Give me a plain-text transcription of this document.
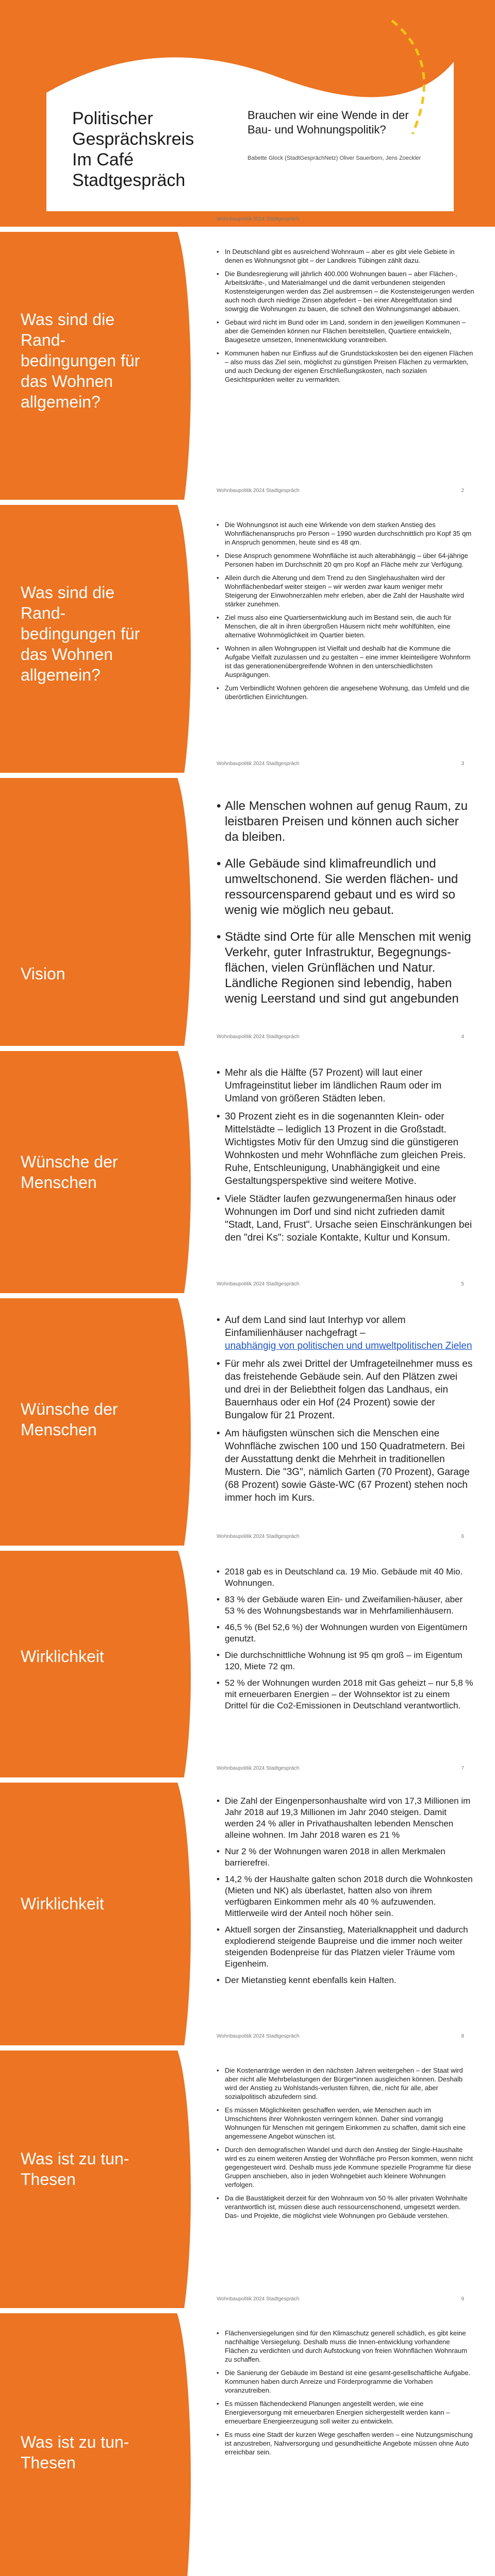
Politischer Gesprächskreis Im Café Stadtgespräch
Brauchen wir eine Wende in der Bau- und Wohnungspolitik?
Babette Glock (StadtGesprächNetz) Oliver Sauerborn, Jens Zoeckler
Wohnbaupolitik 2024 Stadtgespräch
Was sind die Rand-bedingungen für das Wohnen allgemein?
• In Deutschland gibt es ausreichend Wohnraum – aber es gibt viele Gebiete in denen es Wohnungsnot gibt – der Landkreis Tübingen zählt dazu.
• Die Bundesregierung will jährlich 400.000 Wohnungen bauen – aber Flächen-, Arbeitskräfte-, und Materialmangel und die damit verbundenen steigenden Kostensteigerungen werden das Ziel ausbremsen – die Kostensteigerungen werden auch noch durch niedrige Zinsen abgefedert – bei einer Abregeltfutation sind sowrgig die Wohnungen zu bauen, die schnell den Wohnungsmangel abbauen.
• Gebaut wird nicht im Bund oder im Land, sondern in den jeweiligen Kommunen – aber die Gemeinden können nur Flächen bereitstellen, Quartiere entwickeln, Baugesetze umsetzen, Innenentwicklung vorantreiben.
• Kommunen haben nur Einfluss auf die Grundstückskosten bei den eigenen Flächen – also muss das Ziel sein, möglichst zu günstigen Preisen Flächen zu vermarkten, und auch Deckung der eigenen Erschließungskosten, nach sozialen Gesichtspunkten weiter zu vermarkten.
Wohnbaupolitik 2024 Stadtgespräch	2
Was sind die Rand-bedingungen für das Wohnen allgemein?
• Die Wohnungsnot ist auch eine Wirkende von dem starken Anstieg des Wohnflächenanspruchs pro Person – 1990 wurden durchschnittlich pro Kopf 35 qm in Anspruch genommen, heute sind es 48 qm.
• Diese Anspruch genommene Wohnfläche ist auch alterabhängig – über 64-jährige Personen haben im Durchschnitt 20 qm pro Kopf an Fläche mehr zur Verfügung.
• Allein durch die Alterung und dem Trend zu den Singlehaushalten wird der Wohnflächenbedarf weiter steigen – wir werden zwar kaum weniger mehr Steigerung der Einwohnerzahlen mehr erleben, aber die Zahl der Haushalte wird stärker zunehmen.
• Ziel muss also eine Quartiersentwicklung auch im Bestand sein, die auch für Menschen, die alt in ihren übergroßen Häusern nicht mehr wohlfühlten, eine alternative Wohnmöglichkeit im Quartier bieten.
• Wohnen in allen Wohngruppen ist Vielfalt und deshalb hat die Kommune die Aufgabe Vielfalt zuzulassen und zu gestalten – eine immer kleinteiligere Wohnform ist das generationenübergreifende Wohnen in den unterschiedlichsten Ausprägungen.
• Zum Verbindlicht Wohnen gehören die angesehene Wohnung, das Umfeld und die überörtlichen Einrichtungen.
Wohnbaupolitik 2024 Stadtgespräch	3
Vision
• Alle Menschen wohnen auf genug Raum, zu leistbaren Preisen und können auch sicher da bleiben.
• Alle Gebäude sind klimafreundlich und umweltschonend. Sie werden flächen- und ressourcensparend gebaut und es wird so wenig wie möglich neu gebaut.
• Städte sind Orte für alle Menschen mit wenig Verkehr, guter Infrastruktur, Begegnungs-flächen, vielen Grünflächen und Natur. Ländliche Regionen sind lebendig, haben wenig Leerstand und sind gut angebunden
Wohnbaupolitik 2024 Stadtgespräch	4
Wünsche der Menschen
• Mehr als die Hälfte (57 Prozent) will laut einer Umfrageinstitut lieber im ländlichen Raum oder im Umland von größeren Städten leben.
• 30 Prozent zieht es in die sogenannten Klein- oder Mittelstädte – lediglich 13 Prozent in die Großstadt. Wichtigstes Motiv für den Umzug sind die günstigeren Wohnkosten und mehr Wohnfläche zum gleichen Preis. Ruhe, Entschleunigung, Unabhängigkeit und eine Gestaltungsperspektive sind weitere Motive.
• Viele Städter laufen gezwungenermaßen hinaus oder Wohnungen im Dorf und sind nicht zufrieden damit "Stadt, Land, Frust". Ursache seien Einschränkungen bei den "drei Ks": soziale Kontakte, Kultur und Konsum.
Wohnbaupolitik 2024 Stadtgespräch	5
Wünsche der Menschen
• Auf dem Land sind laut Interhyp vor allem Einfamilienhäuser nachgefragt –
unabhängig von politischen und umweltpolitischen Zielen
• Für mehr als zwei Drittel der Umfrageteilnehmer muss es das freistehende Gebäude sein. Auf den Plätzen zwei und drei in der Beliebtheit folgen das Landhaus, ein Bauernhaus oder ein Hof (24 Prozent) sowie der Bungalow für 21 Prozent.
• Am häufigsten wünschen sich die Menschen eine Wohnfläche zwischen 100 und 150 Quadratmetern. Bei der Ausstattung denkt die Mehrheit in traditionellen Mustern. Die "3G", nämlich Garten (70 Prozent), Garage (68 Prozent) sowie Gäste-WC (67 Prozent) stehen noch immer hoch im Kurs.
Wohnbaupolitik 2024 Stadtgespräch	6
Wirklichkeit
• 2018 gab es in Deutschland ca. 19 Mio. Gebäude mit 40 Mio. Wohnungen.
• 83 % der Gebäude waren Ein- und Zweifamilien-häuser, aber 53 % des Wohnungsbestands war in Mehrfamilienhäusern.
• 46,5 % (Bel 52,6 %) der Wohnungen wurden von Eigentümern genutzt.
• Die durchschnittliche Wohnung ist 95 qm groß – im Eigentum 120, Miete 72 qm.
• 52 % der Wohnungen wurden 2018 mit Gas geheizt – nur 5,8 % mit erneuerbaren Energien – der Wohnsektor ist zu einem Drittel für die Co2-Emissionen in Deutschland verantwortlich.
Wohnbaupolitik 2024 Stadtgespräch	7
Wirklichkeit
• Die Zahl der Eingenpersonhaushalte wird von 17,3 Millionen im Jahr 2018 auf 19,3 Millionen im Jahr 2040 steigen. Damit werden 24 % aller in Privathaushalten lebenden Menschen alleine wohnen. Im Jahr 2018 waren es 21 %
• Nur 2 % der Wohnungen waren 2018 in allen Merkmalen barrierefrei.
• 14,2 % der Haushalte galten schon 2018 durch die Wohnkosten (Mieten und NK) als überlastet, hatten also von ihrem verfügbaren Einkommen mehr als 40 % aufzuwenden. Mittlerweile wird der Anteil noch höher sein.
• Aktuell sorgen der Zinsanstieg, Materialknappheit und dadurch explodierend steigende Baupreise und die immer noch weiter steigenden Bodenpreise für das Platzen vieler Träume vom Eigenheim.
• Der Mietanstieg kennt ebenfalls kein Halten.
Wohnbaupolitik 2024 Stadtgespräch	8
Was ist zu tun- Thesen
• Die Kostenanträge werden in den nächsten Jahren weitergehen – der Staat wird aber nicht alle Mehrbelastungen der Bürger*innen ausgleichen können. Deshalb wird der Anstieg zu Wohlstands-verlusten führen, die, nicht für alle, aber sozialpolitisch abzufedern sind.
• Es müssen Möglichkeiten geschaffen werden, wie Menschen auch im Umschichtens ihrer Wohnkosten verringern können. Daher sind vorrangig Wohnungen für Menschen mit geringem Einkommen zu schaffen, damit sich eine angemessene Angebot wünschen ist.
• Durch den demografischen Wandel und durch den Anstieg der Single-Haushalte wird es zu einem weiteren Anstieg der Wohnfläche pro Person kommen, wenn nicht gegengesteuert wird. Deshalb muss jede Kommune spezielle Programme für diese Gruppen anschieben, also in jeden Wohngebiet auch kleinere Wohnungen verfolgen.
• Da die Baustätigkeit derzeit für den Wohnraum von 50 % aller privaten Wohnhalte verantwortlich ist, müssen diese auch ressourcenschonend, umgesetzt werden. Das- und Projekte, die möglichst viele Wohnungen pro Gebäude verstehen.
Wohnbaupolitik 2024 Stadtgespräch	9
Was ist zu tun- Thesen
• Flächenversiegelungen sind für den Klimaschutz generell schädlich, es gibt keine nachhaltige Versiegelung. Deshalb muss die Innen-entwicklung vorhandene Flächen zu verdichten und durch Aufstockung von freien Wohnflächen Wohnraum zu schaffen.
• Die Sanierung der Gebäude im Bestand ist eine gesamt-gesellschaftliche Aufgabe. Kommunen haben durch Anreize und Förderprogramme die Vorhaben voranzutreiben.
• Es müssen flächendeckend Planungen angestellt werden, wie eine Energieversorgung mit erneuerbaren Energien sichergestellt werden kann – erneuerbare Energieerzeugung soll weiter zu entwickeln.
• Es muss eine Stadt der kurzen Wege geschaffen werden – eine Nutzungsmischung ist anzustreben, Nahversorgung und gesundheitliche Angebote müssen ohne Auto erreichbar sein.
